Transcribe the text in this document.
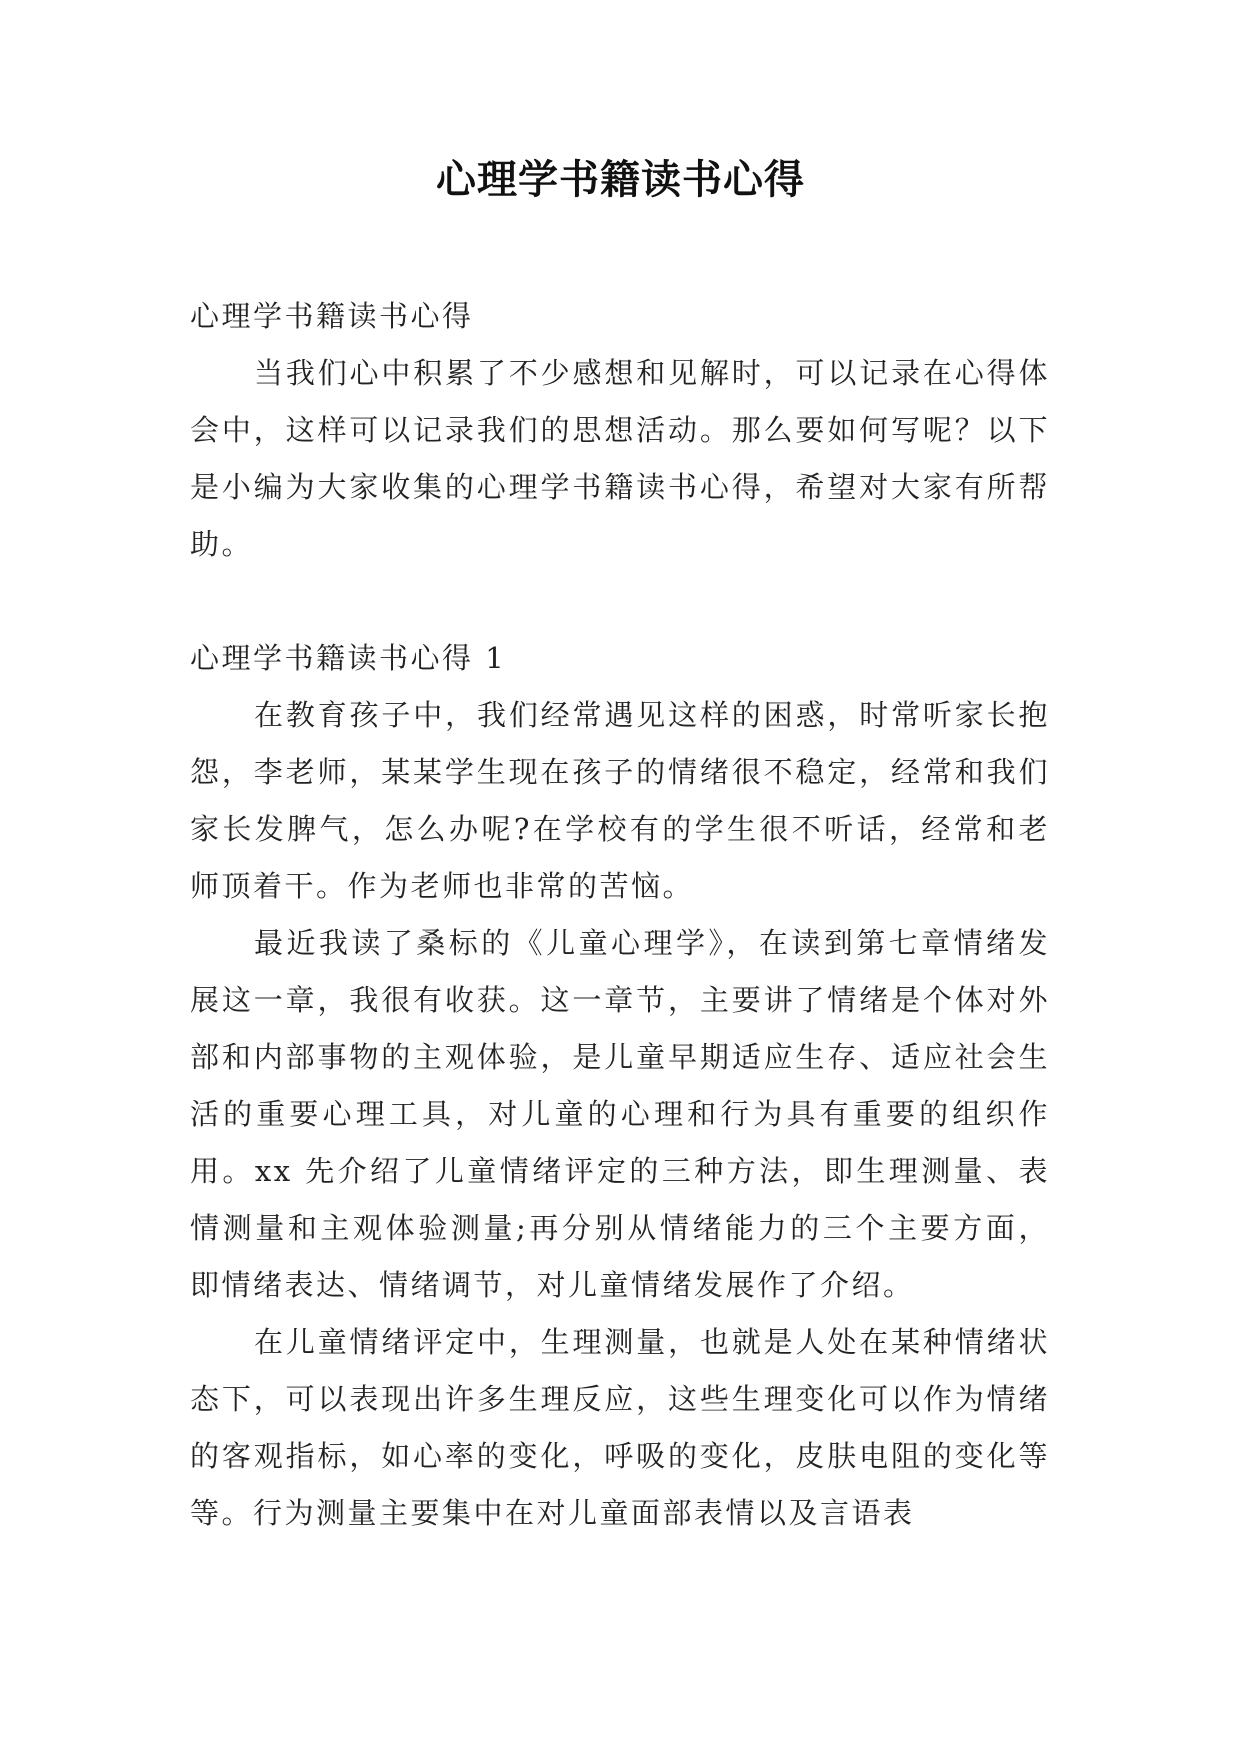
心理学书籍读书心得

心理学书籍读书心得

当我们心中积累了不少感想和见解时，可以记录在心得体会中，这样可以记录我们的思想活动。那么要如何写呢？以下是小编为大家收集的心理学书籍读书心得，希望对大家有所帮助。

心理学书籍读书心得 1

在教育孩子中，我们经常遇见这样的困惑，时常听家长抱怨，李老师，某某学生现在孩子的情绪很不稳定，经常和我们家长发脾气，怎么办呢?在学校有的学生很不听话，经常和老师顶着干。作为老师也非常的苦恼。

最近我读了桑标的《儿童心理学》，在读到第七章情绪发展这一章，我很有收获。这一章节，主要讲了情绪是个体对外部和内部事物的主观体验，是儿童早期适应生存、适应社会生活的重要心理工具，对儿童的心理和行为具有重要的组织作用。xx 先介绍了儿童情绪评定的三种方法，即生理测量、表情测量和主观体验测量;再分别从情绪能力的三个主要方面，即情绪表达、情绪调节，对儿童情绪发展作了介绍。

在儿童情绪评定中，生理测量，也就是人处在某种情绪状态下，可以表现出许多生理反应，这些生理变化可以作为情绪的客观指标，如心率的变化，呼吸的变化，皮肤电阻的变化等等。行为测量主要集中在对儿童面部表情以及言语表
